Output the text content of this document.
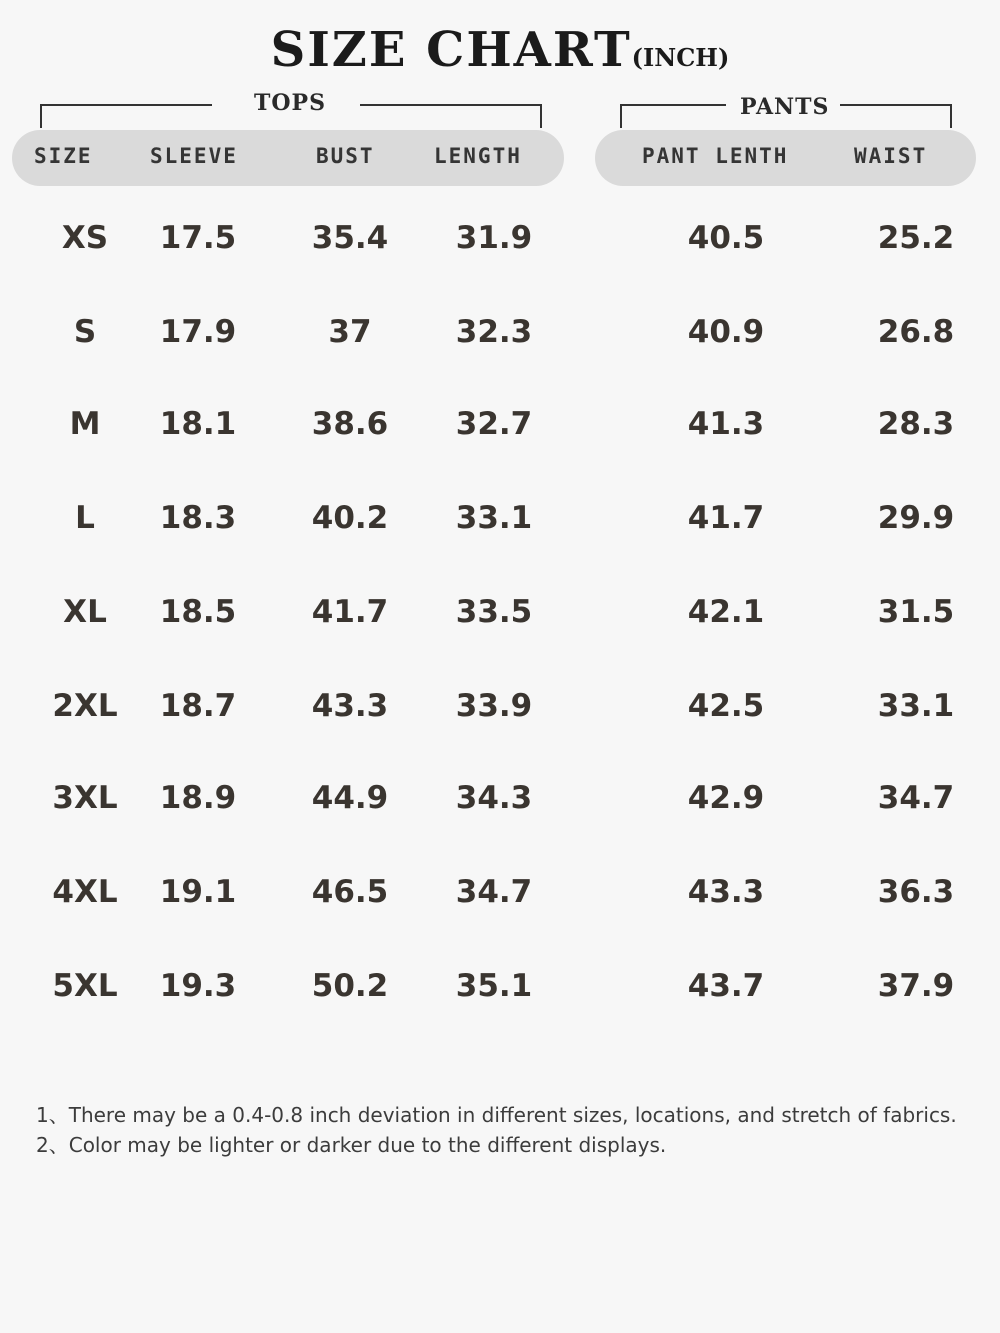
SIZE CHART(INCH)
TOPS	PANTS
SIZE	SLEEVE	BUST	LENGTH	PANT LENTH	WAIST
XS	17.5	35.4	31.9	40.5	25.2
S	17.9	37	32.3	40.9	26.8
M	18.1	38.6	32.7	41.3	28.3
L	18.3	40.2	33.1	41.7	29.9
XL	18.5	41.7	33.5	42.1	31.5
2XL	18.7	43.3	33.9	42.5	33.1
3XL	18.9	44.9	34.3	42.9	34.7
4XL	19.1	46.5	34.7	43.3	36.3
5XL	19.3	50.2	35.1	43.7	37.9
1、There may be a 0.4-0.8 inch deviation in different sizes, locations, and stretch of fabrics.
2、Color may be lighter or darker due to the different displays.
